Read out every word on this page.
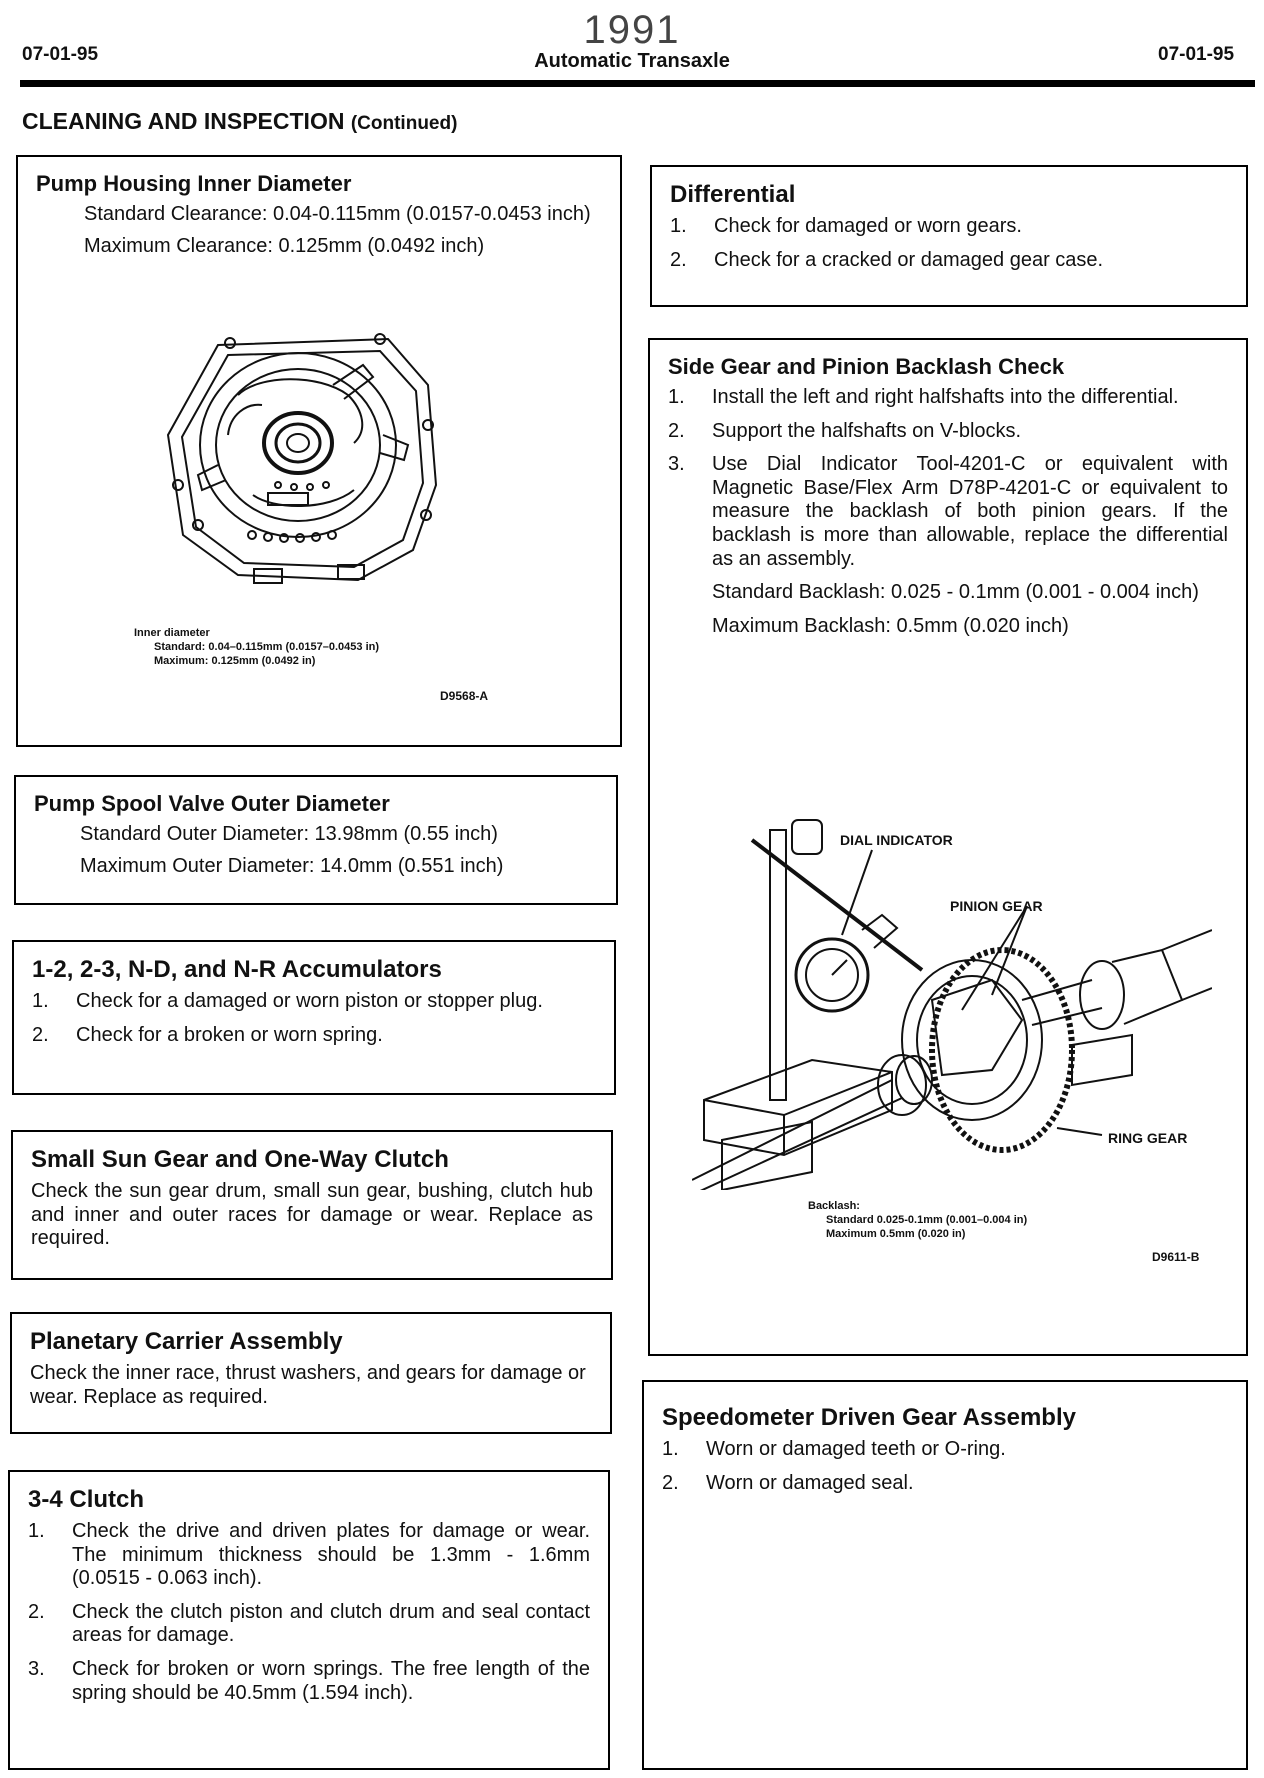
1991
07-01-95	Automatic Transaxle	07-01-95
CLEANING AND INSPECTION (Continued)
Pump Housing Inner Diameter

Standard Clearance: 0.04-0.115mm (0.0157-0.0453 inch)

Maximum Clearance: 0.125mm (0.0492 inch)

Inner diameter
Standard: 0.04–0.115mm (0.0157–0.0453 in)
Maximum: 0.125mm (0.0492 in)
D9568-A
Pump Spool Valve Outer Diameter

Standard Outer Diameter: 13.98mm (0.55 inch)

Maximum Outer Diameter: 14.0mm (0.551 inch)

1-2, 2-3, N-D, and N-R Accumulators
1.	Check for a damaged or worn piston or stopper plug.
2.	Check for a broken or worn spring.
Small Sun Gear and One-Way Clutch

Check the sun gear drum, small sun gear, bushing, clutch hub and inner and outer races for damage or wear. Replace as required.

Planetary Carrier Assembly

Check the inner race, thrust washers, and gears for damage or wear. Replace as required.

3-4 Clutch
1.	Check the drive and driven plates for damage or wear. The minimum thickness should be 1.3mm - 1.6mm (0.0515 - 0.063 inch).
2.	Check the clutch piston and clutch drum and seal contact areas for damage.
3.	Check for broken or worn springs. The free length of the spring should be 40.5mm (1.594 inch).
Differential
1.	Check for damaged or worn gears.
2.	Check for a cracked or damaged gear case.
Side Gear and Pinion Backlash Check
1.	Install the left and right halfshafts into the differential.
2.	Support the halfshafts on V-blocks.
3.	Use Dial Indicator Tool-4201-C or equivalent with Magnetic Base/Flex Arm D78P-4201-C or equivalent to measure the backlash of both pinion gears. If the backlash is more than allowable, replace the differential as an assembly.

Standard Backlash: 0.025 - 0.1mm (0.001 - 0.004 inch)

Maximum Backlash: 0.5mm (0.020 inch)

DIAL INDICATOR
PINION GEAR
RING GEAR
Backlash:
Standard 0.025-0.1mm (0.001–0.004 in)
Maximum 0.5mm (0.020 in)
D9611-B
Speedometer Driven Gear Assembly
1.	Worn or damaged teeth or O-ring.
2.	Worn or damaged seal.
